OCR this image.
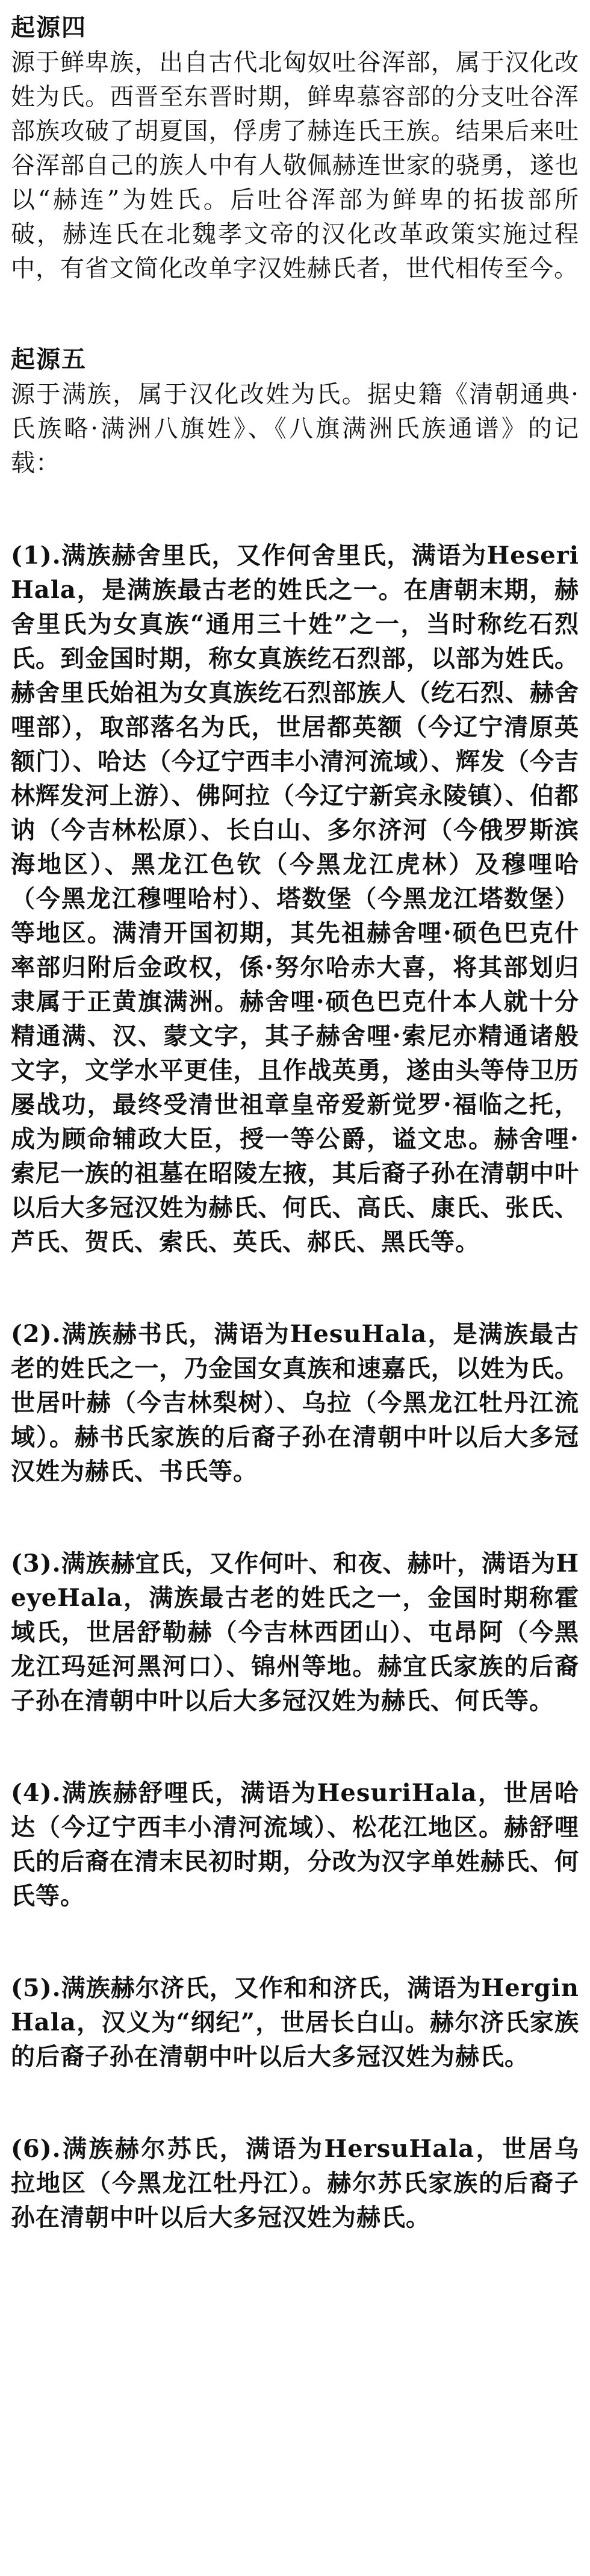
起源四

源于鲜卑族，出自古代北匈奴吐谷浑部，属于汉化改姓为氏。西晋至东晋时期，鲜卑慕容部的分支吐谷浑部族攻破了胡夏国，俘虏了赫连氏王族。结果后来吐谷浑部自己的族人中有人敬佩赫连世家的骁勇，遂也以“赫连”为姓氏。后吐谷浑部为鲜卑的拓拔部所破，赫连氏在北魏孝文帝的汉化改革政策实施过程中，有省文简化改单字汉姓赫氏者，世代相传至今。

起源五

源于满族，属于汉化改姓为氏。据史籍《清朝通典·氏族略·满洲八旗姓》、《八旗满洲氏族通谱》的记载：

(1).满族赫舍里氏，又作何舍里氏，满语为HeseriHala，是满族最古老的姓氏之一。在唐朝末期，赫舍里氏为女真族“通用三十姓”之一，当时称纥石烈氏。到金国时期，称女真族纥石烈部，以部为姓氏。赫舍里氏始祖为女真族纥石烈部族人（纥石烈、赫舍哩部），取部落名为氏，世居都英额（今辽宁清原英额门）、哈达（今辽宁西丰小清河流域）、辉发（今吉林辉发河上游）、佛阿拉（今辽宁新宾永陵镇）、伯都讷（今吉林松原）、长白山、多尔济河（今俄罗斯滨海地区）、黑龙江色钦（今黑龙江虎林）及穆哩哈（今黑龙江穆哩哈村）、塔数堡（今黑龙江塔数堡）等地区。满清开国初期，其先祖赫舍哩·硕色巴克什率部归附后金政权，係·努尔哈赤大喜，将其部划归隶属于正黄旗满洲。赫舍哩·硕色巴克什本人就十分精通满、汉、蒙文字，其子赫舍哩·索尼亦精通诸般文字，文学水平更佳，且作战英勇，遂由头等侍卫历屡战功，最终受清世祖章皇帝爱新觉罗·福临之托，成为顾命辅政大臣，授一等公爵，谥文忠。赫舍哩·索尼一族的祖墓在昭陵左掖，其后裔子孙在清朝中叶以后大多冠汉姓为赫氏、何氏、高氏、康氏、张氏、芦氏、贺氏、索氏、英氏、郝氏、黑氏等。

(2).满族赫书氏，满语为HesuHala，是满族最古老的姓氏之一，乃金国女真族和速嘉氏，以姓为氏。世居叶赫（今吉林梨树）、乌拉（今黑龙江牡丹江流域）。赫书氏家族的后裔子孙在清朝中叶以后大多冠汉姓为赫氏、书氏等。

(3).满族赫宜氏，又作何叶、和夜、赫叶，满语为HeyeHala，满族最古老的姓氏之一，金国时期称霍域氏，世居舒勒赫（今吉林西团山）、屯昂阿（今黑龙江玛延河黑河口）、锦州等地。赫宜氏家族的后裔子孙在清朝中叶以后大多冠汉姓为赫氏、何氏等。

(4).满族赫舒哩氏，满语为HesuriHala，世居哈达（今辽宁西丰小清河流域）、松花江地区。赫舒哩氏的后裔在清末民初时期，分改为汉字单姓赫氏、何氏等。

(5).满族赫尔济氏，又作和和济氏，满语为HerginHala，汉义为“纲纪”，世居长白山。赫尔济氏家族的后裔子孙在清朝中叶以后大多冠汉姓为赫氏。

(6).满族赫尔苏氏，满语为HersuHala，世居乌拉地区（今黑龙江牡丹江）。赫尔苏氏家族的后裔子孙在清朝中叶以后大多冠汉姓为赫氏。
